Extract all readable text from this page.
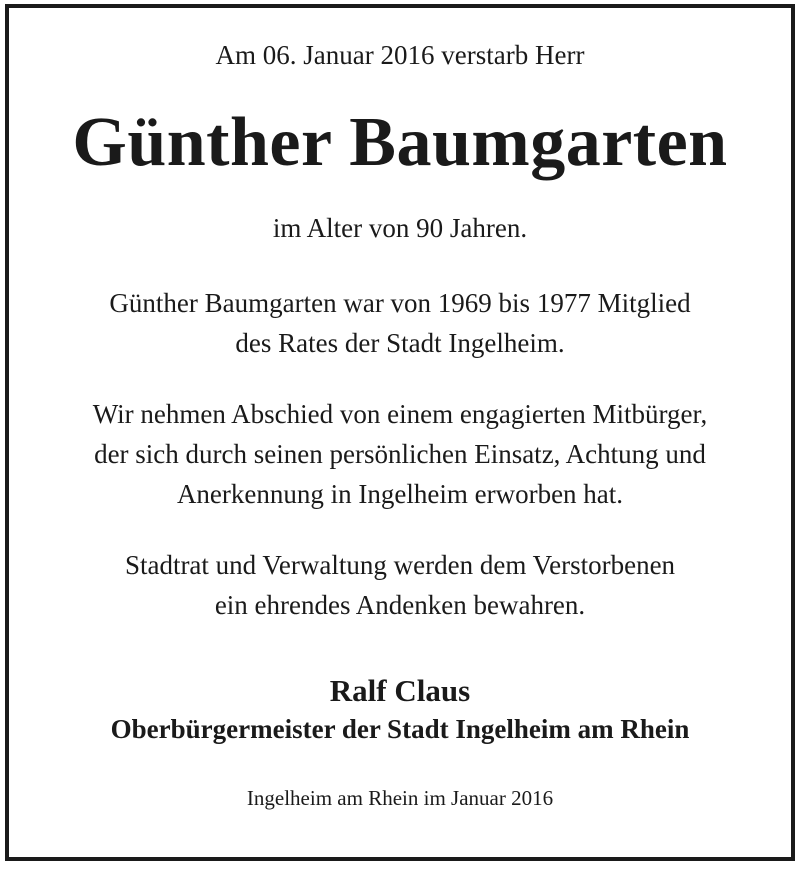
Am 06. Januar 2016 verstarb Herr
Günther Baumgarten
im Alter von 90 Jahren.
Günther Baumgarten war von 1969 bis 1977 Mitglied
des Rates der Stadt Ingelheim.
Wir nehmen Abschied von einem engagierten Mitbürger,
der sich durch seinen persönlichen Einsatz, Achtung und
Anerkennung in Ingelheim erworben hat.
Stadtrat und Verwaltung werden dem Verstorbenen
ein ehrendes Andenken bewahren.
Ralf Claus
Oberbürgermeister der Stadt Ingelheim am Rhein
Ingelheim am Rhein im Januar 2016
